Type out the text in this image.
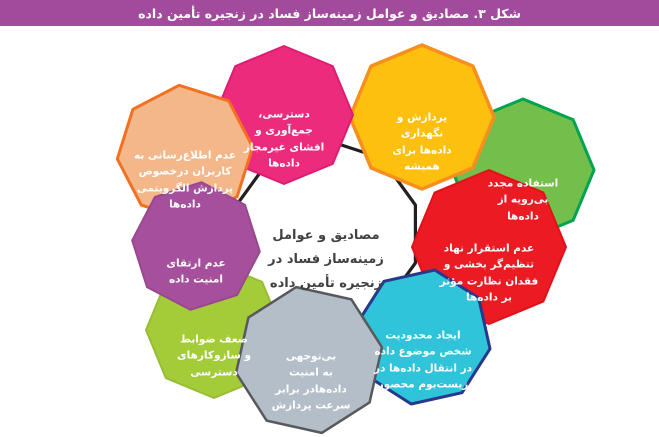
شکل ۳. مصادیق و عوامل زمینه‌ساز فساد در زنجیره تأمین داده
مصادیق و عوامل
زمینه‌ساز فساد در
زنجیره تأمین داده
دسترسی،
جمع‌آوری و
افشای غیرمجاز
داده‌ها
پردازش و
نگهداری
داده‌ها برای
همیشه
استفاده مجدد
بی‌رویه از
داده‌ها
عدم استقرار نهاد
تنظیم‌گر بخشی و
فقدان نظارت مؤثر
بر داده‌ها
ایجاد محدودیت
شخص موضوع داده
در انتقال داده‌ها در
زیست‌بوم محصور
بی‌توجهی
به امنیت
داده‌هادر برابر
سرعت پردازش
ضعف ضوابط
و سازوکارهای
دسترسی
عدم ارتقای
امنیت داده
عدم اطلاع‌رسانی به
کاربران درخصوص
پردازش الگرویتمی
داده‌ها
